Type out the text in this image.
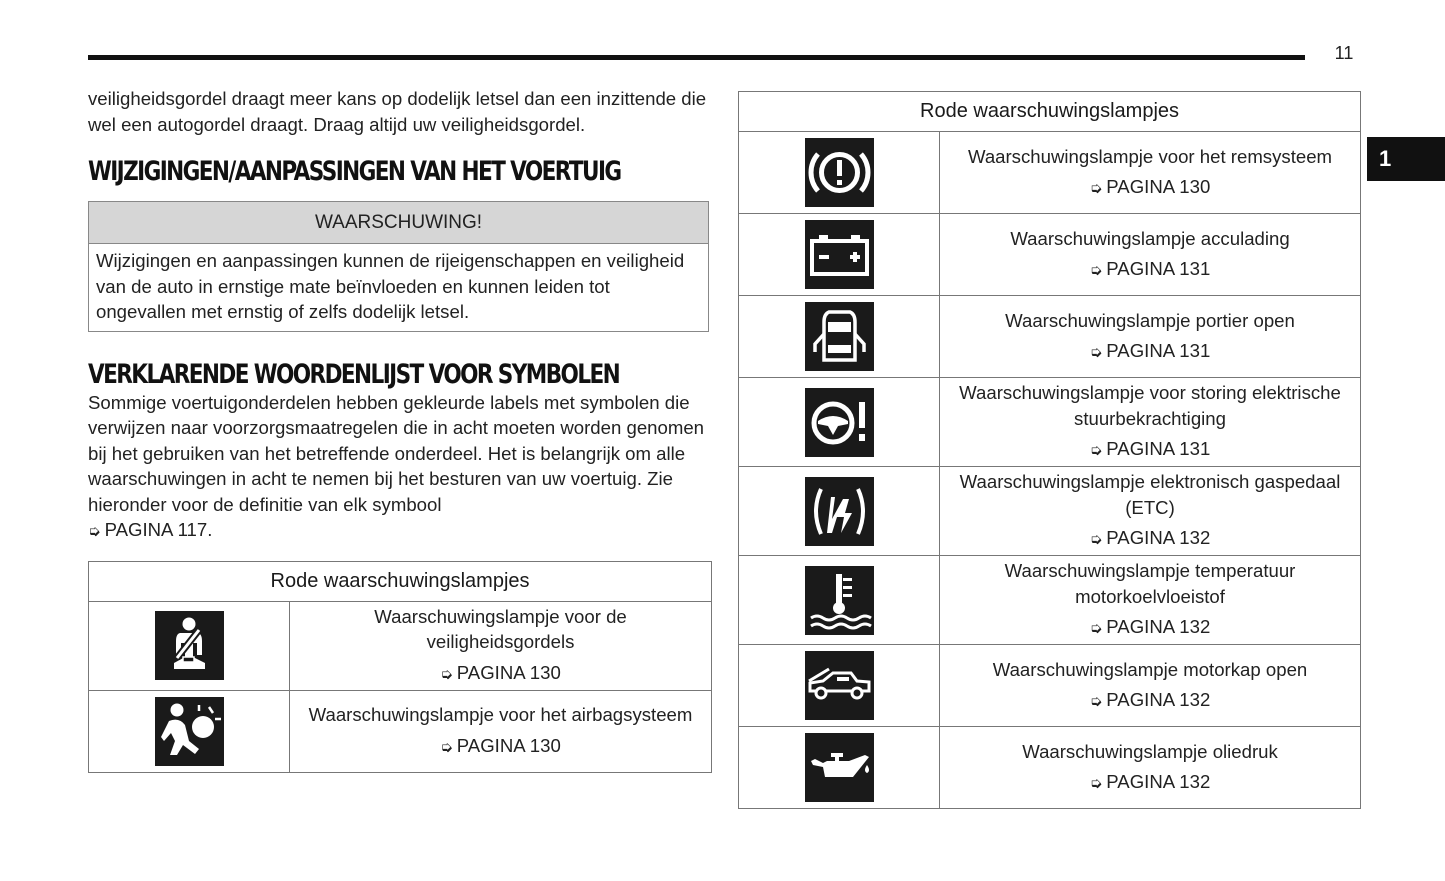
11
1

veiligheidsgordel draagt meer kans op dodelijk letsel dan een inzittende die wel een autogordel draagt. Draag altijd uw veiligheidsgordel.

WIJZIGINGEN/AANPASSINGEN VAN HET VOERTUIG
WAARSCHUWING!
Wijzigingen en aanpassingen kunnen de rijeigenschappen en veiligheid van de auto in ernstige mate beïnvloeden en kunnen leiden tot ongevallen met ernstig of zelfs dodelijk letsel.
VERKLARENDE WOORDENLIJST VOOR SYMBOLEN

Sommige voertuigonderdelen hebben gekleurde labels met symbolen die verwijzen naar voorzorgsmaatregelen die in acht moeten worden genomen bij het gebruiken van het betreffende onderdeel. Het is belangrijk om alle waarschuwingen in acht te nemen bij het besturen van uw voertuig. Zie hieronder voor de definitie van elk symbool
➭ PAGINA 117.

Rode waarschuwingslampjes	

Waarschuwingslampje voor de veiligheidsgordels
➭ PAGINA 130

Waarschuwingslampje voor het airbagsysteem
➭ PAGINA 130
Rode waarschuwingslampjes	

Waarschuwingslampje voor het remsysteem
➭ PAGINA 130

Waarschuwingslampje acculading
➭ PAGINA 131

Waarschuwingslampje portier open
➭ PAGINA 131

Waarschuwingslampje voor storing elektrische stuurbekrachtiging
➭ PAGINA 131

Waarschuwingslampje elektronisch gaspedaal (ETC)
➭ PAGINA 132

Waarschuwingslampje temperatuur motorkoelvloeistof
➭ PAGINA 132

Waarschuwingslampje motorkap open
➭ PAGINA 132

Waarschuwingslampje oliedruk
➭ PAGINA 132
